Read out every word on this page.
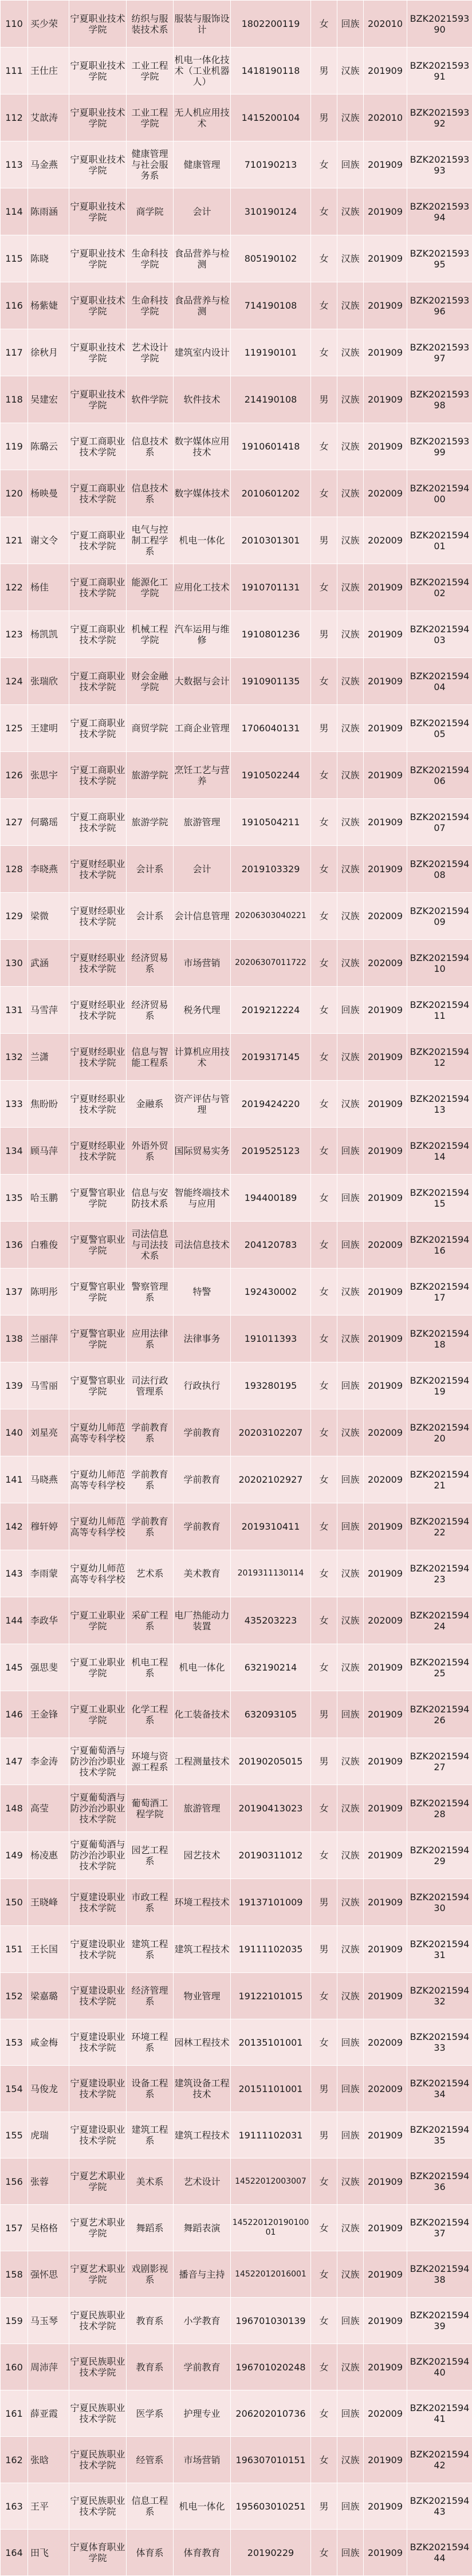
110	买少荣	宁夏职业技术学院	纺织与服装技术系	服装与服饰设计	1802200119	女	回族	202010	BZK202159390
111	王仕庄	宁夏职业技术学院	工业工程学院	机电一体化技术（工业机器人）	1418190118	男	汉族	201909	BZK202159391
112	艾歆涛	宁夏职业技术学院	工业工程学院	无人机应用技术	1415200104	男	汉族	202010	BZK202159392
113	马金燕	宁夏职业技术学院	健康管理与社会服务系	健康管理	710190213	女	回族	201909	BZK202159393
114	陈雨涵	宁夏职业技术学院	商学院	会计	310190124	女	汉族	201909	BZK202159394
115	陈晓	宁夏职业技术学院	生命科技学院	食品营养与检测	805190102	女	汉族	201909	BZK202159395
116	杨紫婕	宁夏职业技术学院	生命科技学院	食品营养与检测	714190108	女	汉族	201909	BZK202159396
117	徐秋月	宁夏职业技术学院	艺术设计学院	建筑室内设计	119190101	女	汉族	201909	BZK202159397
118	吴建宏	宁夏职业技术学院	软件学院	软件技术	214190108	男	汉族	201909	BZK202159398
119	陈璐云	宁夏工商职业技术学院	信息技术系	数字媒体应用技术	1910601418	女	汉族	201909	BZK202159399
120	杨映曼	宁夏工商职业技术学院	信息技术系	数字媒体技术	2010601202	女	汉族	202009	BZK202159400
121	谢文令	宁夏工商职业技术学院	电气与控制工程学系	机电一体化	2010301301	男	汉族	202009	BZK202159401
122	杨佳	宁夏工商职业技术学院	能源化工学院	应用化工技术	1910701131	女	汉族	201909	BZK202159402
123	杨凯凯	宁夏工商职业技术学院	机械工程学院	汽车运用与维修	1910801236	男	汉族	201909	BZK202159403
124	张瑞欣	宁夏工商职业技术学院	财会金融学院	大数据与会计	1910901135	女	汉族	201909	BZK202159404
125	王建明	宁夏工商职业技术学院	商贸学院	工商企业管理	1706040131	男	汉族	201909	BZK202159405
126	张思宇	宁夏工商职业技术学院	旅游学院	烹饪工艺与营养	1910502244	女	汉族	201909	BZK202159406
127	何璐瑶	宁夏工商职业技术学院	旅游学院	旅游管理	1910504211	女	汉族	201909	BZK202159407
128	李晓燕	宁夏财经职业技术学院	会计系	会计	2019103329	女	汉族	201909	BZK202159408
129	梁微	宁夏财经职业技术学院	会计系	会计信息管理	20206303040221	女	汉族	202009	BZK202159409
130	武涵	宁夏财经职业技术学院	经济贸易系	市场营销	20206307011722	女	汉族	202009	BZK202159410
131	马雪萍	宁夏财经职业技术学院	经济贸易系	税务代理	2019212224	女	回族	201909	BZK202159411
132	兰潇	宁夏财经职业技术学院	信息与智能工程系	计算机应用技术	2019317145	女	汉族	201909	BZK202159412
133	焦盼盼	宁夏财经职业技术学院	金融系	资产评估与管理	2019424220	女	汉族	201909	BZK202159413
134	顾马萍	宁夏财经职业技术学院	外语外贸系	国际贸易实务	2019525123	女	回族	201909	BZK202159414
135	哈玉鹏	宁夏警官职业学院	信息与安防技术系	智能终端技术与应用	194400189	女	回族	201909	BZK202159415
136	白雅俊	宁夏警官职业学院	司法信息与司法技术系	司法信息技术	204120783	女	回族	202009	BZK202159416
137	陈明彤	宁夏警官职业学院	警察管理系	特警	192430002	女	汉族	201909	BZK202159417
138	兰丽萍	宁夏警官职业学院	应用法律系	法律事务	191011393	女	汉族	201909	BZK202159418
139	马雪丽	宁夏警官职业学院	司法行政管理系	行政执行	193280195	女	回族	201909	BZK202159419
140	刘星亮	宁夏幼儿师范高等专科学校	学前教育系	学前教育	20203102207	女	汉族	202009	BZK202159420
141	马晓燕	宁夏幼儿师范高等专科学校	学前教育系	学前教育	20202102927	女	回族	202009	BZK202159421
142	穆轩婷	宁夏幼儿师范高等专科学校	学前教育系	学前教育	2019310411	女	回族	201909	BZK202159422
143	李雨蒙	宁夏幼儿师范高等专科学校	艺术系	美术教育	2019311130114	女	汉族	201909	BZK202159423
144	李政华	宁夏工业职业学院	采矿工程系	电厂热能动力装置	435203223	女	汉族	202009	BZK202159424
145	强思斐	宁夏工业职业学院	机电工程系	机电一体化	632190214	女	汉族	201909	BZK202159425
146	王金锋	宁夏工业职业学院	化学工程系	化工装备技术	632093105	男	回族	201909	BZK202159426
147	李金涛	宁夏葡萄酒与防沙治沙职业技术学院	环境与资源工程系	工程测量技术	20190205015	男	汉族	201909	BZK202159427
148	高莹	宁夏葡萄酒与防沙治沙职业技术学院	葡萄酒工程学院	旅游管理	20190413023	女	汉族	201909	BZK202159428
149	杨凌惠	宁夏葡萄酒与防沙治沙职业技术学院	园艺工程系	园艺技术	20190311012	女	汉族	201909	BZK202159429
150	王晓峰	宁夏建设职业技术学院	市政工程系	环境工程技术	19137101009	男	汉族	201909	BZK202159430
151	王长国	宁夏建设职业技术学院	建筑工程系	建筑工程技术	19111102035	男	汉族	201909	BZK202159431
152	梁嘉璐	宁夏建设职业技术学院	经济管理系	物业管理	19122101015	女	汉族	201909	BZK202159432
153	咸金梅	宁夏建设职业技术学院	环境工程系	园林工程技术	20135101001	女	回族	202009	BZK202159433
154	马俊龙	宁夏建设职业技术学院	设备工程系	建筑设备工程技术	20151101001	男	回族	202009	BZK202159434
155	虎瑞	宁夏建设职业技术学院	建筑工程系	建筑工程技术	19111102031	男	回族	201909	BZK202159435
156	张蓉	宁夏艺术职业学院	美术系	艺术设计	14522012003007	女	汉族	201909	BZK202159436
157	吴格格	宁夏艺术职业学院	舞蹈系	舞蹈表演	14522012019010001	女	汉族	201909	BZK202159437
158	强怀思	宁夏艺术职业学院	戏剧影视系	播音与主持	14522012016001	女	汉族	201909	BZK202159438
159	马玉琴	宁夏民族职业技术学院	教育系	小学教育	196701030139	女	回族	201909	BZK202159439
160	周沛萍	宁夏民族职业技术学院	教育系	学前教育	196701020248	女	汉族	201909	BZK202159440
161	薛亚霞	宁夏民族职业技术学院	医学系	护理专业	206202010736	女	回族	202009	BZK202159441
162	张晗	宁夏民族职业技术学院	经管系	市场营销	196307010151	女	汉族	201909	BZK202159442
163	王平	宁夏民族职业技术学院	信息工程系	机电一体化	195603010251	男	回族	201909	BZK202159443
164	田飞	宁夏体育职业学院	体育系	体育教育	20190229	女	回族	201909	BZK202159444
